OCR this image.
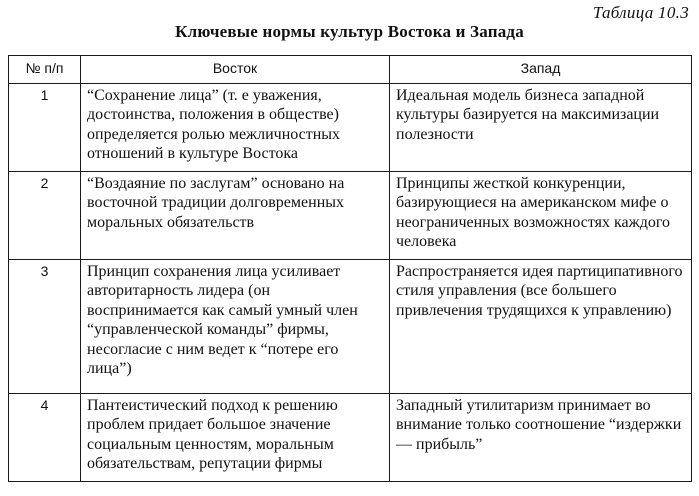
Таблица 10.3
Ключевые нормы культур Востока и Запада
№ п/п	Восток	Запад
1	“Сохранение лица” (т. е уважения, достоинства, положения в обществе) определяется ролью межличностных отношений в культуре Востока	Идеальная модель бизнеса западной культуры базируется на максимизации полезности
2	“Воздаяние по заслугам” основано на восточной традиции долговременных моральных обязательств	Принципы жесткой конкуренции, базирующиеся на американском мифе о неограниченных возможностях каждого человека
3	Принцип сохранения лица усиливает авторитарность лидера (он воспринимается как самый умный член “управленческой команды” фирмы, несогласие с ним ведет к “потере его лица”)	Распространяется идея партиципативного стиля управления (все большего привлечения трудящихся к управлению)
4	Пантеистический подход к решению проблем придает большое значение социальным ценностям, моральным обязательствам, репутации фирмы	Западный утилитаризм принимает во внимание только соотношение “издержки — прибыль”
